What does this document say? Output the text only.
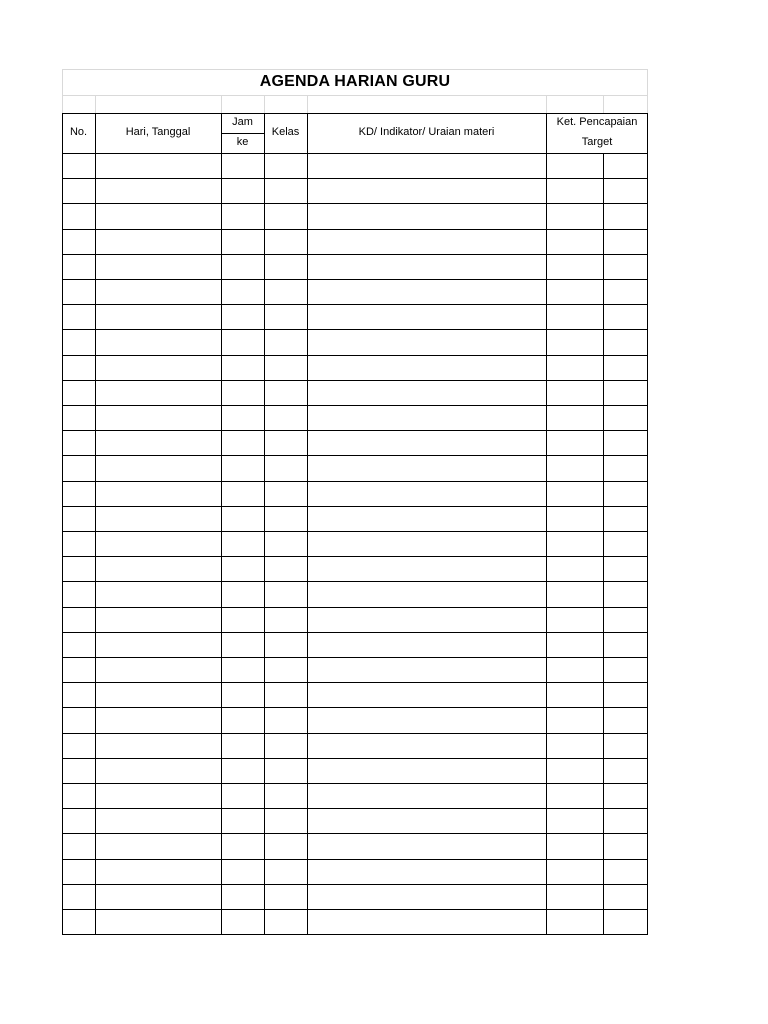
AGENDA HARIAN GURU
No.	Hari, Tanggal
Jam
ke
Kelas	KD/ Indikator/ Uraian materi
Ket. Pencapaian
Target
